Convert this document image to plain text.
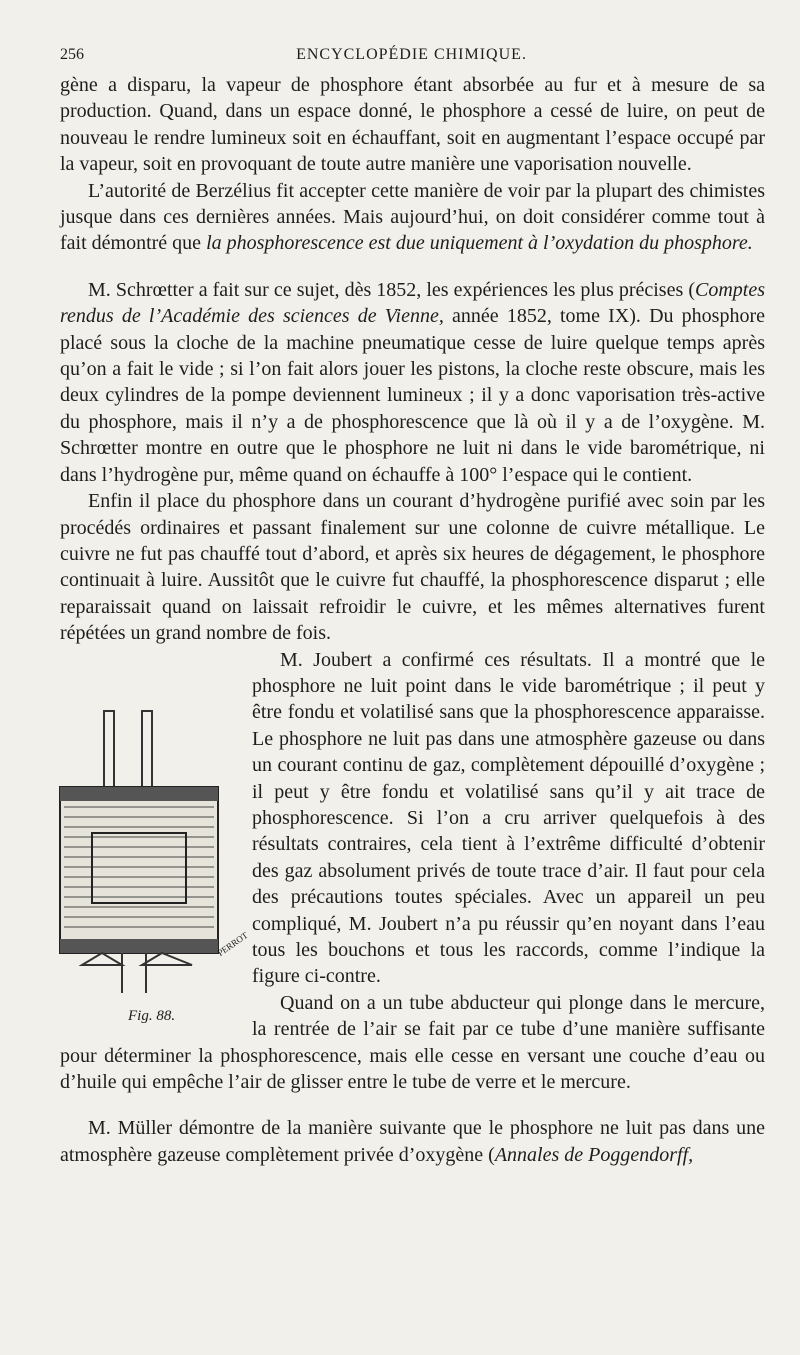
256	ENCYCLOPÉDIE CHIMIQUE.

gène a disparu, la vapeur de phosphore étant absorbée au fur et à mesure de sa production. Quand, dans un espace donné, le phosphore a cessé de luire, on peut de nouveau le rendre lumineux soit en échauffant, soit en augmentant l’espace occupé par la vapeur, soit en provoquant de toute autre manière une vaporisation nouvelle.

L’autorité de Berzélius fit accepter cette manière de voir par la plupart des chimistes jusque dans ces dernières années. Mais aujourd’hui, on doit considérer comme tout à fait démontré que la phosphorescence est due uniquement à l’oxydation du phosphore.

M. Schrœtter a fait sur ce sujet, dès 1852, les expériences les plus précises (Comptes rendus de l’Académie des sciences de Vienne, année 1852, tome IX). Du phosphore placé sous la cloche de la machine pneumatique cesse de luire quelque temps après qu’on a fait le vide ; si l’on fait alors jouer les pistons, la cloche reste obscure, mais les deux cylindres de la pompe deviennent lumineux ; il y a donc vaporisation très-active du phosphore, mais il n’y a de phosphorescence que là où il y a de l’oxygène. M. Schrœtter montre en outre que le phosphore ne luit ni dans le vide barométrique, ni dans l’hydrogène pur, même quand on échauffe à 100° l’espace qui le contient.

Enfin il place du phosphore dans un courant d’hydrogène purifié avec soin par les procédés ordinaires et passant finalement sur une colonne de cuivre métallique. Le cuivre ne fut pas chauffé tout d’abord, et après six heures de dégagement, le phosphore continuait à luire. Aussitôt que le cuivre fut chauffé, la phosphorescence disparut ; elle reparaissait quand on laissait refroidir le cuivre, et les mêmes alternatives furent répétées un grand nombre de fois.

PERROT
Fig. 88.
M. Joubert a confirmé ces résultats. Il a montré que le phosphore ne luit point dans le vide barométrique ; il peut y être fondu et volatilisé sans que la phosphorescence apparaisse. Le phosphore ne luit pas dans une atmosphère gazeuse ou dans un courant continu de gaz, complètement dépouillé d’oxygène ; il peut y être fondu et volatilisé sans qu’il y ait trace de phosphorescence. Si l’on a cru arriver quelquefois à des résultats contraires, cela tient à l’extrême difficulté d’obtenir des gaz absolument privés de toute trace d’air. Il faut pour cela des précautions toutes spéciales. Avec un appareil un peu compliqué, M. Joubert n’a pu réussir qu’en noyant dans l’eau tous les bouchons et tous les raccords, comme l’indique la figure ci-contre.

Quand on a un tube abducteur qui plonge dans le mercure, la rentrée de l’air se fait par ce tube d’une manière suffisante pour déterminer la phosphorescence, mais elle cesse en versant une couche d’eau ou d’huile qui empêche l’air de glisser entre le tube de verre et le mercure.

M. Müller démontre de la manière suivante que le phosphore ne luit pas dans une atmosphère gazeuse complètement privée d’oxygène (Annales de Poggendorff,
